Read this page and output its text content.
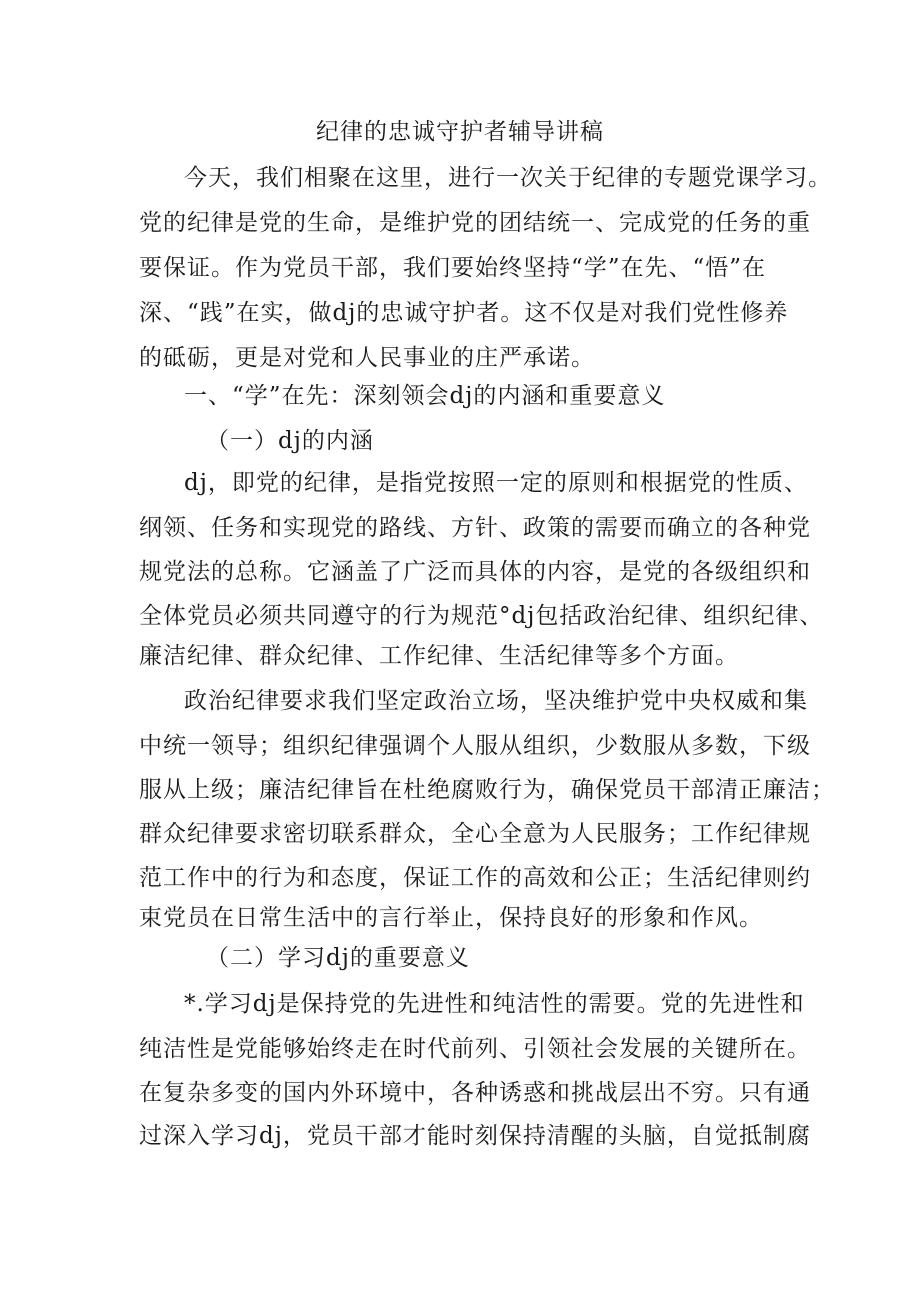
纪律的忠诚守护者辅导讲稿
今天，我们相聚在这里，进行一次关于纪律的专题党课学习。
党的纪律是党的生命，是维护党的团结统一、完成党的任务的重
要保证。作为党员干部，我们要始终坚持“学”在先、“悟”在
深、“践”在实，做dj的忠诚守护者。这不仅是对我们党性修养
的砥砺，更是对党和人民事业的庄严承诺。
一、“学”在先：深刻领会dj的内涵和重要意义
（一）dj的内涵
dj，即党的纪律，是指党按照一定的原则和根据党的性质、
纲领、任务和实现党的路线、方针、政策的需要而确立的各种党
规党法的总称。它涵盖了广泛而具体的内容，是党的各级组织和
全体党员必须共同遵守的行为规范°dj包括政治纪律、组织纪律、
廉洁纪律、群众纪律、工作纪律、生活纪律等多个方面。
政治纪律要求我们坚定政治立场，坚决维护党中央权威和集
中统一领导；组织纪律强调个人服从组织，少数服从多数，下级
服从上级；廉洁纪律旨在杜绝腐败行为，确保党员干部清正廉洁；
群众纪律要求密切联系群众，全心全意为人民服务；工作纪律规
范工作中的行为和态度，保证工作的高效和公正；生活纪律则约
束党员在日常生活中的言行举止，保持良好的形象和作风。
（二）学习dj的重要意义
*.学习dj是保持党的先进性和纯洁性的需要。党的先进性和
纯洁性是党能够始终走在时代前列、引领社会发展的关键所在。
在复杂多变的国内外环境中，各种诱惑和挑战层出不穷。只有通
过深入学习dj，党员干部才能时刻保持清醒的头脑，自觉抵制腐
